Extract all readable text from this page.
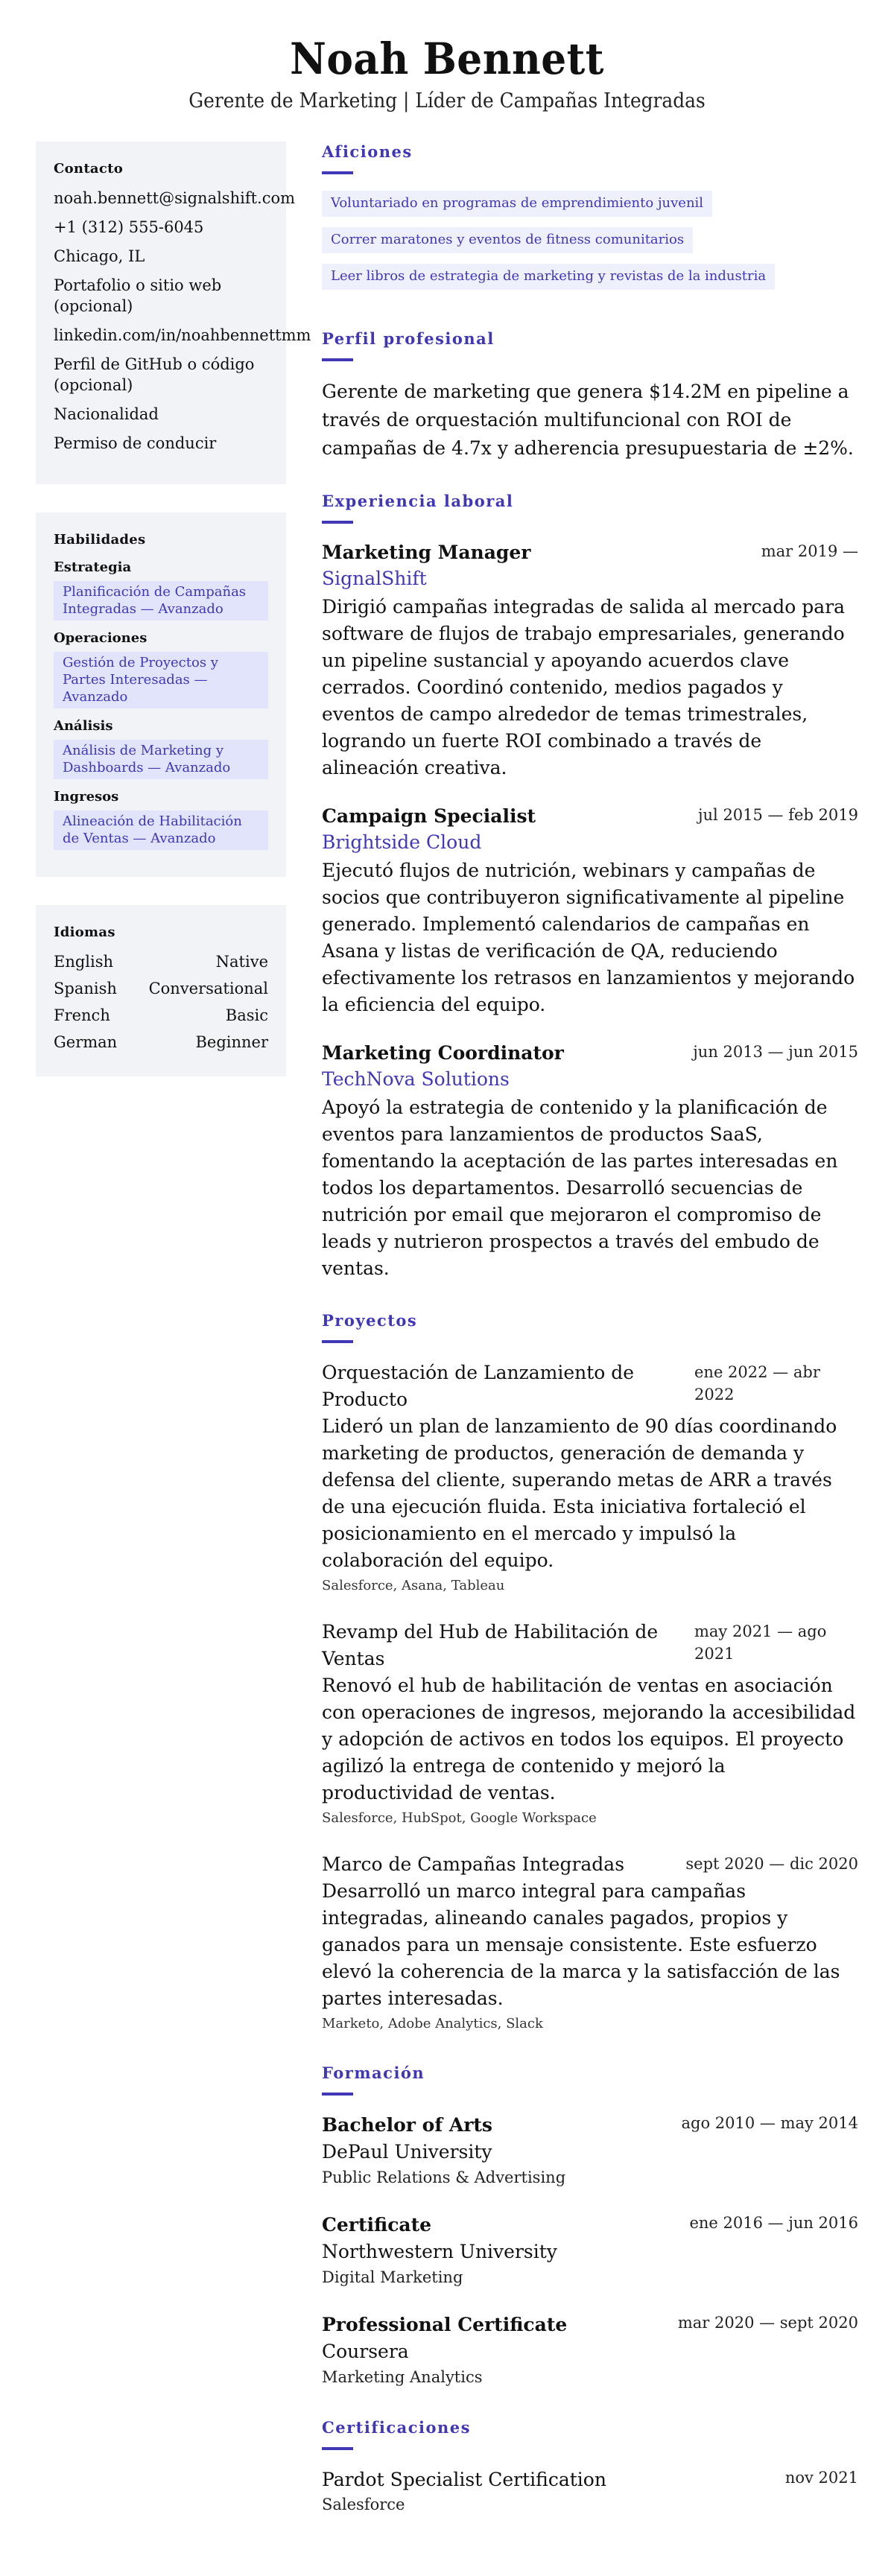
Noah Bennett
Gerente de Marketing | Líder de Campañas Integradas
Contacto
noah.bennett@signalshift.com
+1 (312) 555-6045
Chicago, IL
Portafolio o sitio web (opcional)
linkedin.com/in/noahbennettmm
Perfil de GitHub o código (opcional)
Nacionalidad
Permiso de conducir
Habilidades
Estrategia
Planificación de Campañas Integradas — Avanzado
Operaciones
Gestión de Proyectos y Partes Interesadas — Avanzado
Análisis
Análisis de Marketing y Dashboards — Avanzado
Ingresos
Alineación de Habilitación de Ventas — Avanzado
Idiomas
English	Native
Spanish Conversational
French	Basic
German	Beginner
Aficiones
Voluntariado en programas de emprendimiento juvenil
Correr maratones y eventos de fitness comunitarios
Leer libros de estrategia de marketing y revistas de la industria
Perfil profesional

Gerente de marketing que genera $14.2M en pipeline a través de orquestación multifuncional con ROI de campañas de 4.7x y adherencia presupuestaria de ±2%.

Experiencia laboral
Marketing Manager	mar 2019 —
SignalShift

Dirigió campañas integradas de salida al mercado para software de flujos de trabajo empresariales, generando un pipeline sustancial y apoyando acuerdos clave cerrados. Coordinó contenido, medios pagados y eventos de campo alrededor de temas trimestrales, logrando un fuerte ROI combinado a través de alineación creativa.

Campaign Specialist	jul 2015 — feb 2019
Brightside Cloud

Ejecutó flujos de nutrición, webinars y campañas de socios que contribuyeron significativamente al pipeline generado. Implementó calendarios de campañas en Asana y listas de verificación de QA, reduciendo efectivamente los retrasos en lanzamientos y mejorando la eficiencia del equipo.

Marketing Coordinator	jun 2013 — jun 2015
TechNova Solutions

Apoyó la estrategia de contenido y la planificación de eventos para lanzamientos de productos SaaS, fomentando la aceptación de las partes interesadas en todos los departamentos. Desarrolló secuencias de nutrición por email que mejoraron el compromiso de leads y nutrieron prospectos a través del embudo de ventas.

Proyectos
Orquestación de Lanzamiento de Producto
ene 2022 — abr 2022

Lideró un plan de lanzamiento de 90 días coordinando marketing de productos, generación de demanda y defensa del cliente, superando metas de ARR a través de una ejecución fluida. Esta iniciativa fortaleció el posicionamiento en el mercado y impulsó la colaboración del equipo.

Salesforce, Asana, Tableau
Revamp del Hub de Habilitación de Ventas
may 2021 — ago 2021

Renovó el hub de habilitación de ventas en asociación con operaciones de ingresos, mejorando la accesibilidad y adopción de activos en todos los equipos. El proyecto agilizó la entrega de contenido y mejoró la productividad de ventas.

Salesforce, HubSpot, Google Workspace
Marco de Campañas Integradas	sept 2020 — dic 2020

Desarrolló un marco integral para campañas integradas, alineando canales pagados, propios y ganados para un mensaje consistente. Este esfuerzo elevó la coherencia de la marca y la satisfacción de las partes interesadas.

Marketo, Adobe Analytics, Slack
Formación
Bachelor of Arts	ago 2010 — may 2014
DePaul University
Public Relations & Advertising
Certificate	ene 2016 — jun 2016
Northwestern University
Digital Marketing
Professional Certificate	mar 2020 — sept 2020
Coursera
Marketing Analytics
Certificaciones
Pardot Specialist Certification	nov 2021
Salesforce
